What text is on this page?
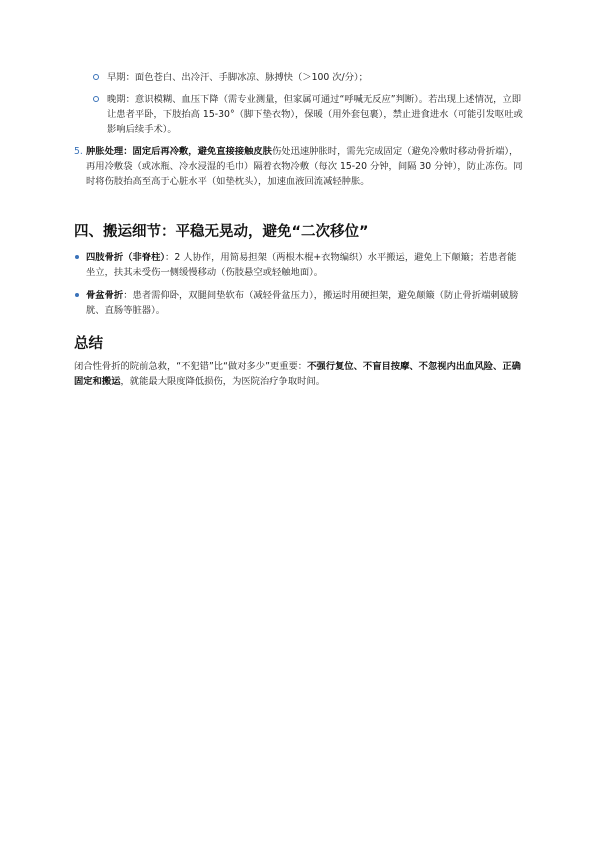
早期：面色苍白、出冷汗、手脚冰凉、脉搏快（＞100 次/分）；
晚期：意识模糊、血压下降（需专业测量，但家属可通过“呼喊无反应”判断）。若出现上述情况，立即让患者平卧，下肢抬高 15-30°（脚下垫衣物），保暖（用外套包裹），禁止进食进水（可能引发呕吐或影响后续手术）。
5. 肿胀处理：固定后再冷敷，避免直接接触皮肤伤处迅速肿胀时，需先完成固定（避免冷敷时移动骨折端），再用冷敷袋（或冰瓶、冷水浸湿的毛巾）隔着衣物冷敷（每次 15-20 分钟，间隔 30 分钟），防止冻伤。同时将伤肢抬高至高于心脏水平（如垫枕头），加速血液回流减轻肿胀。
四、搬运细节：平稳无晃动，避免“二次移位”
四肢骨折（非脊柱）：2 人协作，用简易担架（两根木棍+衣物编织）水平搬运，避免上下颠簸；若患者能坐立，扶其未受伤一侧缓慢移动（伤肢悬空或轻触地面）。
骨盆骨折：患者需仰卧，双腿间垫软布（减轻骨盆压力），搬运时用硬担架，避免颠簸（防止骨折端刺破膀胱、直肠等脏器）。
总结

闭合性骨折的院前急救，“不犯错”比“做对多少”更重要：不强行复位、不盲目按摩、不忽视内出血风险、正确固定和搬运，就能最大限度降低损伤，为医院治疗争取时间。
